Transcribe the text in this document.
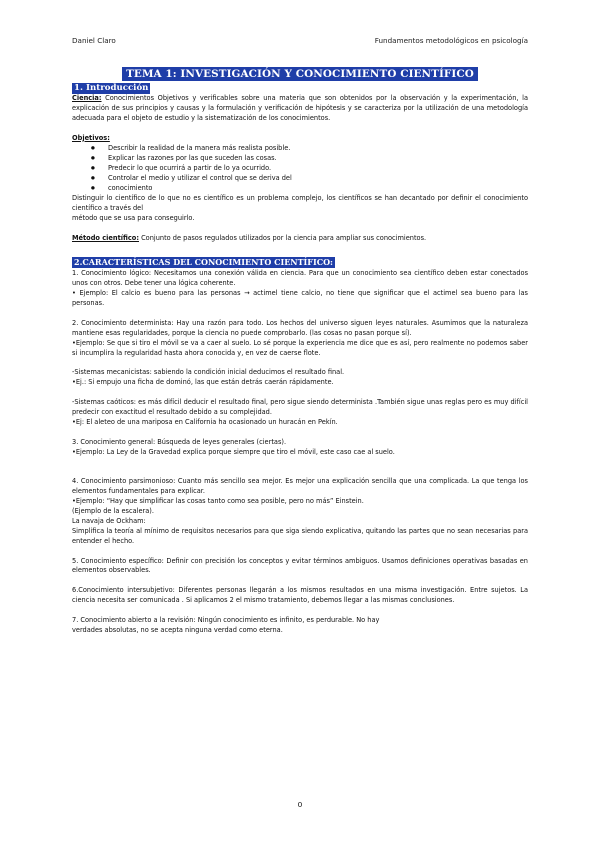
Daniel Claro	Fundamentos metodológicos en psicología
TEMA 1: INVESTIGACIÓN Y CONOCIMIENTO CIENTÍFICO
1. Introducción

Ciencia: Conocimientos Objetivos y verificables sobre una materia que son obtenidos por la observación y la experimentación, la explicación de sus principios y causas y la formulación y verificación de hipótesis y se caracteriza por la utilización de una metodología adecuada para el objeto de estudio y la sistematización de los conocimientos.

Objetivos:

● Describir la realidad de la manera más realista posible.
● Explicar las razones por las que suceden las cosas.
● Predecir lo que ocurrirá a partir de lo ya ocurrido.
● Controlar el medio y utilizar el control que se deriva del
● conocimiento

Distinguir lo científico de lo que no es científico es un problema complejo, los científicos se han decantado por definir el conocimiento científico a través del

método que se usa para conseguirlo.

Método científico: Conjunto de pasos regulados utilizados por la ciencia para ampliar sus conocimientos.

2.CARACTERÍSTICAS DEL CONOCIMIENTO CIENTÍFICO:

1. Conocimiento lógico: Necesitamos una conexión válida en ciencia. Para que un conocimiento sea científico deben estar conectados unos con otros. Debe tener una lógica coherente.

• Ejemplo: El calcio es bueno para las personas → actimel tiene calcio, no tiene que significar que el actimel sea bueno para las personas.

2. Conocimiento determinista: Hay una razón para todo. Los hechos del universo siguen leyes naturales. Asumimos que la naturaleza mantiene esas regularidades, porque la ciencia no puede comprobarlo. (las cosas no pasan porque sí).

•Ejemplo: Se que si tiro el móvil se va a caer al suelo. Lo sé porque la experiencia me dice que es así, pero realmente no podemos saber si incumplira la regularidad hasta ahora conocida y, en vez de caerse flote.

-Sistemas mecanicistas: sabiendo la condición inicial deducimos el resultado final.

•Ej.: Si empujo una ficha de dominó, las que están detrás caerán rápidamente.

-Sistemas caóticos: es más difícil deducir el resultado final, pero sigue siendo determinista .También sigue unas reglas pero es muy difícil predecir con exactitud el resultado debido a su complejidad.

•Ej: El aleteo de una mariposa en California ha ocasionado un huracán en Pekín.

3. Conocimiento general: Búsqueda de leyes generales (ciertas).

•Ejemplo: La Ley de la Gravedad explica porque siempre que tiro el móvil, este caso cae al suelo.

4. Conocimiento parsimonioso: Cuanto más sencillo sea mejor. Es mejor una explicación sencilla que una complicada. La que tenga los elementos fundamentales para explicar.

•Ejemplo: “Hay que simplificar las cosas tanto como sea posible, pero no más” Einstein.

(Ejemplo de la escalera).

La navaja de Ockham:

Simplifica la teoría al mínimo de requisitos necesarios para que siga siendo explicativa, quitando las partes que no sean necesarias para entender el hecho.

5. Conocimiento específico: Definir con precisión los conceptos y evitar términos ambiguos. Usamos definiciones operativas basadas en elementos observables.

6.Conocimiento intersubjetivo: Diferentes personas llegarán a los mismos resultados en una misma investigación. Entre sujetos. La ciencia necesita ser comunicada . Si aplicamos 2 el mismo tratamiento, debemos llegar a las mismas conclusiones.

7. Conocimiento abierto a la revisión: Ningún conocimiento es infinito, es perdurable. No hay

verdades absolutas, no se acepta ninguna verdad como eterna.

0
